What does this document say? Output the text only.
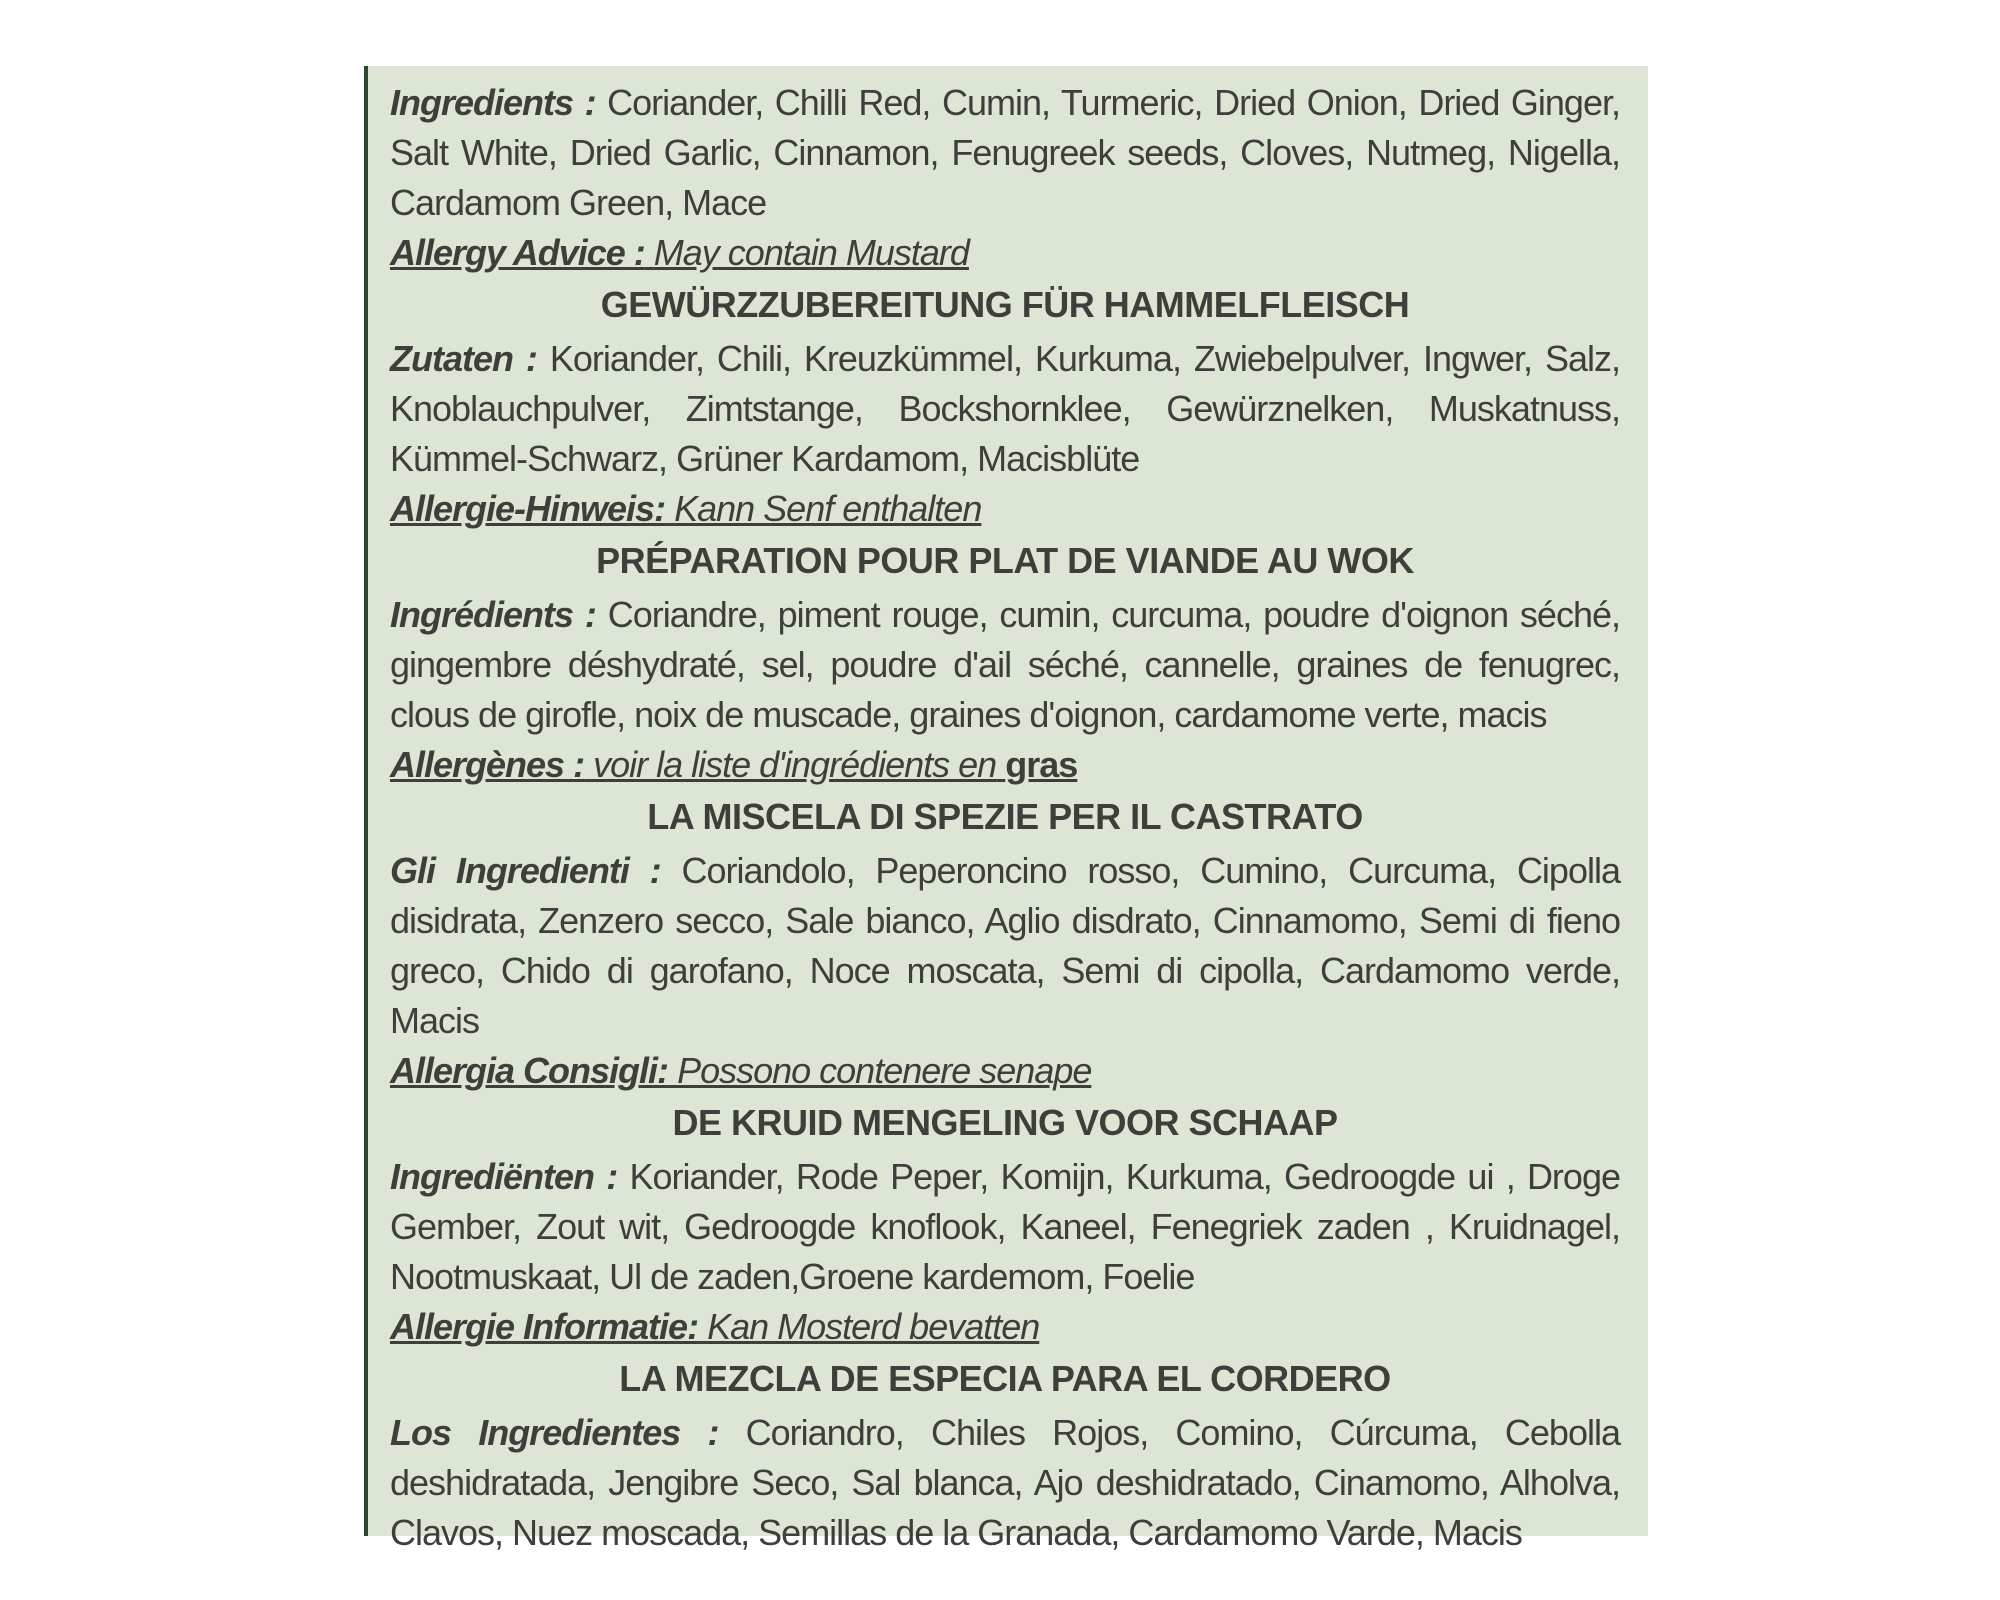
Ingredients : Coriander, Chilli Red, Cumin, Turmeric, Dried Onion, Dried Ginger, Salt White, Dried Garlic, Cinnamon, Fenugreek seeds, Cloves, Nutmeg, Nigella, Cardamom Green, Mace

Allergy Advice : May contain Mustard

GEWÜRZZUBEREITUNG FÜR HAMMELFLEISCH

Zutaten : Koriander, Chili, Kreuzkümmel, Kurkuma, Zwiebelpulver, Ingwer, Salz, Knoblauchpulver, Zimtstange, Bockshornklee, Gewürznelken, Muskatnuss, Kümmel-Schwarz, Grüner Kardamom, Macisblüte

Allergie-Hinweis: Kann Senf enthalten

PRÉPARATION POUR PLAT DE VIANDE AU WOK

Ingrédients : Coriandre, piment rouge, cumin, curcuma, poudre d'oignon séché, gingembre déshydraté, sel, poudre d'ail séché, cannelle, graines de fenugrec, clous de girofle, noix de muscade, graines d'oignon, cardamome verte, macis

Allergènes : voir la liste d'ingrédients en gras

LA MISCELA DI SPEZIE PER IL CASTRATO

Gli Ingredienti : Coriandolo, Peperoncino rosso, Cumino, Curcuma, Cipolla disidrata, Zenzero secco, Sale bianco, Aglio disdrato, Cinnamomo, Semi di fieno greco, Chido di garofano, Noce moscata, Semi di cipolla, Cardamomo verde, Macis

Allergia Consigli: Possono contenere senape

DE KRUID MENGELING VOOR SCHAAP

Ingrediënten : Koriander, Rode Peper, Komijn, Kurkuma, Gedroogde ui , Droge Gember, Zout wit, Gedroogde knoflook, Kaneel, Fenegriek zaden , Kruidnagel, Nootmuskaat, Ul de zaden,Groene kardemom, Foelie

Allergie Informatie: Kan Mosterd bevatten

LA MEZCLA DE ESPECIA PARA EL CORDERO

Los Ingredientes : Coriandro, Chiles Rojos, Comino, Cúrcuma, Cebolla deshidratada, Jengibre Seco, Sal blanca, Ajo deshidratado, Cinamomo, Alholva, Clavos, Nuez moscada, Semillas de la Granada, Cardamomo Varde, Macis
